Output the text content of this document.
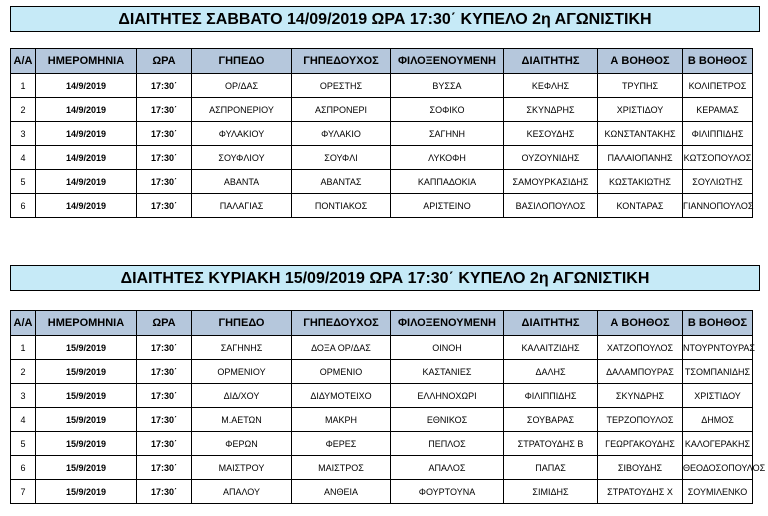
ΔΙΑΙΤΗΤΕΣ ΣΑΒΒΑΤΟ 14/09/2019 ΩΡΑ 17:30΄ ΚΥΠΕΛΟ 2η ΑΓΩΝΙΣΤΙΚΗ
Α/Α	ΗΜΕΡΟΜΗΝΙΑ	ΩΡΑ	ΓΗΠΕΔΟ	ΓΗΠΕΔΟΥΧΟΣ	ΦΙΛΟΞΕΝΟΥΜΕΝΗ	ΔΙΑΙΤΗΤΗΣ	Α ΒΟΗΘΟΣ	Β ΒΟΗΘΟΣ
1	14/9/2019	17:30΄	ΟΡ/ΔΑΣ	ΟΡΕΣΤΗΣ	ΒΥΣΣΑ	ΚΕΦΛΗΣ	ΤΡΥΠΗΣ	ΚΟΛΙΠΕΤΡΟΣ
2	14/9/2019	17:30΄	ΑΣΠΡΟΝΕΡΙΟΥ	ΑΣΠΡΟΝΕΡΙ	ΣΟΦΙΚΟ	ΣΚΥΝΔΡΗΣ	ΧΡΙΣΤΙΔΟΥ	ΚΕΡΑΜΑΣ
3	14/9/2019	17:30΄	ΦΥΛΑΚΙΟΥ	ΦΥΛΑΚΙΟ	ΣΑΓΗΝΗ	ΚΕΣΟΥΔΗΣ	ΚΩΝΣΤΑΝΤΑΚΗΣ	ΦΙΛΙΠΠΙΔΗΣ
4	14/9/2019	17:30΄	ΣΟΥΦΛΙΟΥ	ΣΟΥΦΛΙ	ΛΥΚΟΦΗ	ΟΥΖΟΥΝΙΔΗΣ	ΠΑΛΑΙΟΠΑΝΗΣ	ΚΩΤΣΟΠΟΥΛΟΣ
5	14/9/2019	17:30΄	ΑΒΑΝΤΑ	ΑΒΑΝΤΑΣ	ΚΑΠΠΑΔΟΚΙΑ	ΣΑΜΟΥΡΚΑΣΙΔΗΣ	ΚΩΣΤΑΚΙΩΤΗΣ	ΣΟΥΛΙΩΤΗΣ
6	14/9/2019	17:30΄	ΠΑΛΑΓΙΑΣ	ΠΟΝΤΙΑΚΟΣ	ΑΡΙΣΤΕΙΝΟ	ΒΑΣΙΛΟΠΟΥΛΟΣ	ΚΟΝΤΑΡΑΣ	ΓΙΑΝΝΟΠΟΥΛΟΣ
ΔΙΑΙΤΗΤΕΣ ΚΥΡΙΑΚΗ 15/09/2019 ΩΡΑ 17:30΄ ΚΥΠΕΛΟ 2η ΑΓΩΝΙΣΤΙΚΗ
Α/Α	ΗΜΕΡΟΜΗΝΙΑ	ΩΡΑ	ΓΗΠΕΔΟ	ΓΗΠΕΔΟΥΧΟΣ	ΦΙΛΟΞΕΝΟΥΜΕΝΗ	ΔΙΑΙΤΗΤΗΣ	Α ΒΟΗΘΟΣ	Β ΒΟΗΘΟΣ
1	15/9/2019	17:30΄	ΣΑΓΗΝΗΣ	ΔΟΞΑ ΟΡ/ΔΑΣ	ΟΙΝΟΗ	ΚΑΛΑΙΤΖΙΔΗΣ	ΧΑΤΖΟΠΟΥΛΟΣ	ΝΤΟΥΡΝΤΟΥΡΑΣ
2	15/9/2019	17:30΄	ΟΡΜΕΝΙΟΥ	ΟΡΜΕΝΙΟ	ΚΑΣΤΑΝΙΕΣ	ΔΑΛΗΣ	ΔΑΛΑΜΠΟΥΡΑΣ	ΤΣΟΜΠΑΝΙΔΗΣ
3	15/9/2019	17:30΄	ΔΙΔ/ΧΟΥ	ΔΙΔΥΜΟΤΕΙΧΟ	ΕΛΛΗΝΟΧΩΡΙ	ΦΙΛΙΠΠΙΔΗΣ	ΣΚΥΝΔΡΗΣ	ΧΡΙΣΤΙΔΟΥ
4	15/9/2019	17:30΄	Μ.ΑΕΤΩΝ	ΜΑΚΡΗ	ΕΘΝΙΚΟΣ	ΣΟΥΒΑΡΑΣ	ΤΕΡΖΟΠΟΥΛΟΣ	ΔΗΜΟΣ
5	15/9/2019	17:30΄	ΦΕΡΩΝ	ΦΕΡΕΣ	ΠΕΠΛΟΣ	ΣΤΡΑΤΟΥΔΗΣ Β	ΓΕΩΡΓΑΚΟΥΔΗΣ	ΚΑΛΟΓΕΡΑΚΗΣ
6	15/9/2019	17:30΄	ΜΑΙΣΤΡΟΥ	ΜΑΙΣΤΡΟΣ	ΑΠΑΛΟΣ	ΠΑΠΑΣ	ΣΙΒΟΥΔΗΣ	ΘΕΟΔΟΣΟΠΟΥΛΟΣ
7	15/9/2019	17:30΄	ΑΠΑΛΟΥ	ΑΝΘΕΙΑ	ΦΟΥΡΤΟΥΝΑ	ΣΙΜΙΔΗΣ	ΣΤΡΑΤΟΥΔΗΣ Χ	ΣΟΥΜΙΛΕΝΚΟ
